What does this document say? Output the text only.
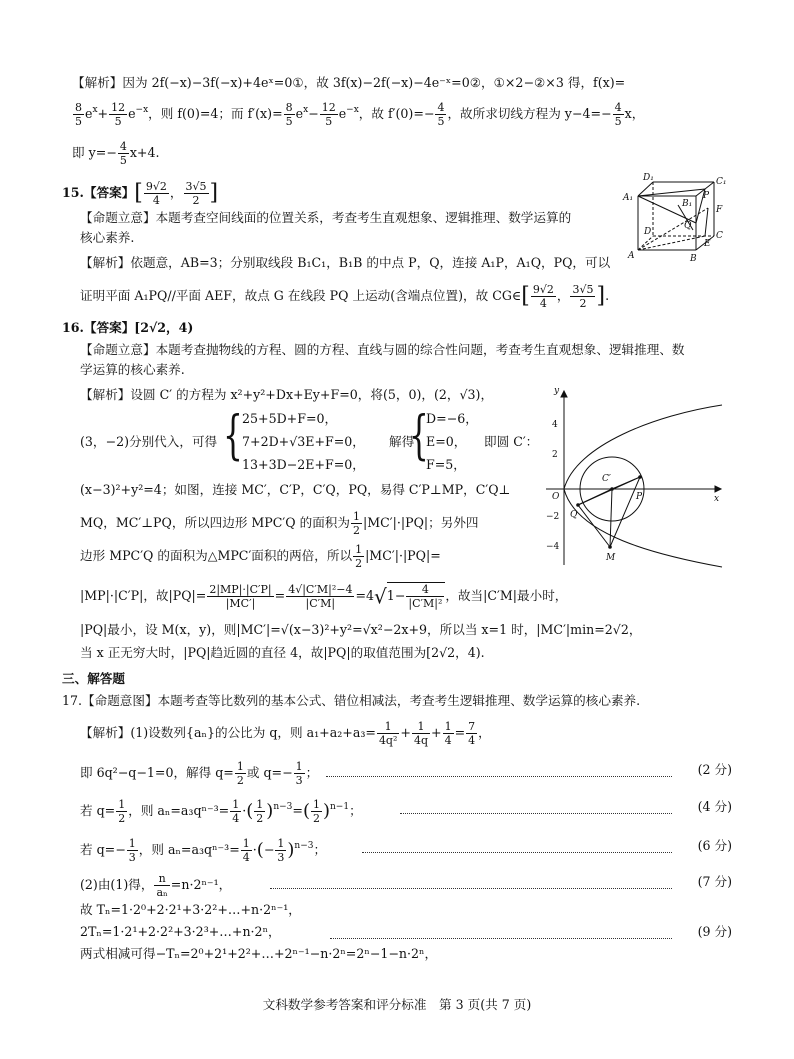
【解析】因为 2f(−x)−3f(−x)+4eˣ=0①，故 3f(x)−2f(−x)−4e⁻ˣ=0②，①×2−②×3 得，f(x)=
$\frac{8}{5} e^x+ \frac{12}{5} e^{-x}$，则 f(0)=4；而 $f'(x)= \frac{8}{5} e^x- \frac{12}{5} e^{-x}$，故 $f'(0)=- \frac{4}{5}$ ，故所求切线方程为 $y-4=- \frac{4}{5}$ x，
即 $y=- \frac{4}{5} x+4$.
15.【答案】[ $\frac{9√2}{4}$ ， $\frac{3√5}{2}$ ]
【命题立意】本题考查空间线面的位置关系，考查考生直观想象、逻辑推理、数学运算的
核心素养.
【解析】依题意，AB=3；分别取线段 B₁C₁，B₁B 的中点 P，Q，连接 A₁P，A₁Q，PQ，可以
证明平面 A₁PQ//平面 AEF，故点 G 在线段 PQ 上运动(含端点位置)，故 CG∈[ $\frac{9√2}{4}$ ， $\frac{3√5}{2}$ ].
D₁	C₁
A₁
B₁
P
F
D
Q
C
E
A	B
16.【答案】[2√2，4)
【命题立意】本题考查抛物线的方程、圆的方程、直线与圆的综合性问题，考查考生直观想象、逻辑推理、数
学运算的核心素养.
【解析】设圆 C′ 的方程为 x²+y²+Dx+Ey+F=0，将(5，0)，(2，√3)，
(3，−2)分别代入，可得 { 25+5D+F=0，
7+2D+√3E+F=0，
13+3D−2E+F=0，
解得
{
D=−6，
E=0，
F=5，
即圆 C′：
(x−3)²+y²=4；如图，连接 MC′，C′P，C′Q，PQ，易得 C′P⊥MP，C′Q⊥
MQ，MC′⊥PQ，所以四边形 MPC′Q 的面积为 $\frac{1}{2} |MC'|\cdot|PQ|$；另外四
边形 MPC′Q 的面积为△MPC′面积的两倍，所以 $\frac{1}{2} |MC'|\cdot|PQ|=$
|MP|·|C′P|，故$|PQ|= \frac{2|MP|\cdot|C'P|}{|MC'|} = \frac{\text{4√|C′M|²−4}}{|C'M|} =4√1- \frac{4}{\text{|C′M|²}}$ ，故当|C′M|最小时，
|PQ|最小，设 M(x，y)，则|MC′|=√(x−3)²+y²=√x²−2x+9，所以当 x=1 时，|MC′|min=2√2，
当 x 正无穷大时，|PQ|趋近圆的直径 4，故|PQ|的取值范围为[2√2，4).
y
x
O
C′
P
Q
M
4
2
−2
−4
三、解答题
17.【命题意图】本题考查等比数列的基本公式、错位相减法，考查考生逻辑推理、数学运算的核心素养.
【解析】(1)设数列{aₙ}的公比为 q，则 $a_1+a_2+a_3= \frac{1}{\text{4q²}} + \frac{1}{4q} + \frac{1}{4} = \frac{7}{4}$ ，
即 6q²−q−1=0，解得 $q= \frac{1}{2}$ 或 $q=- \frac{1}{3}$ ；	(2 分)
若 $q= \frac{1}{2}$ ，则 $a_n=a_3q^{n-3}= \frac{1}{4}$ ·( $\frac{1}{2} )^{n-3}=( \frac{1}{2} )^{n-1}$；	(4 分)
若 $q=- \frac{1}{3}$ ，则 $a_n=a_3q^{n-3}= \frac{1}{4}$ ·(− $\frac{1}{3} )^{n-3}$；	(6 分)
(2)由(1)得， $\frac{n}{\text{aₙ}} =n\cdot 2^{n-1}$，	(7 分)
故 Tₙ=1·2⁰+2·2¹+3·2²+…+n·2ⁿ⁻¹，
2Tₙ=1·2¹+2·2²+3·2³+…+n·2ⁿ，	(9 分)
两式相减可得−Tₙ=2⁰+2¹+2²+…+2ⁿ⁻¹−n·2ⁿ=2ⁿ−1−n·2ⁿ，
文科数学参考答案和评分标准　第 3 页(共 7 页)
